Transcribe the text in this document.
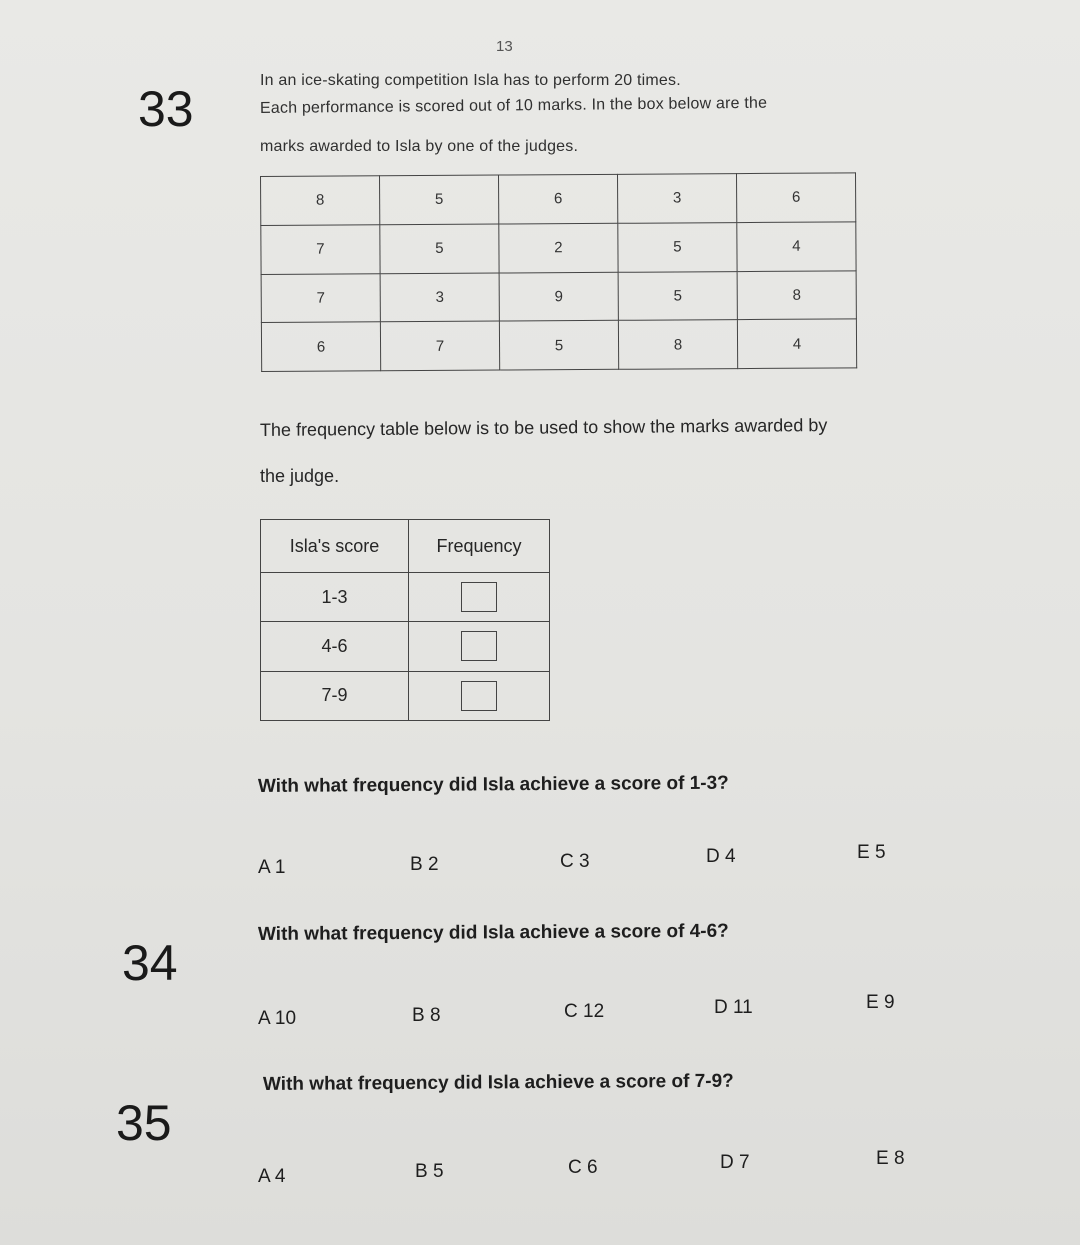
13
33
In an ice-skating competition Isla has to perform 20 times.
Each performance is scored out of 10 marks. In the box below are the
marks awarded to Isla by one of the judges.
8	5	6	3	6
7	5	2	5	4
7	3	9	5	8
6	7	5	8	4
The frequency table below is to be used to show the marks awarded by
the judge.
Isla's score	Frequency
1-3	
4-6	
7-9	
With what frequency did Isla achieve a score of 1-3?
A 1	B 2	C 3	D 4	E 5
34
With what frequency did Isla achieve a score of 4-6?
A 10	B 8	C 12	D 11	E 9
35
With what frequency did Isla achieve a score of 7-9?
A 4	B 5	C 6	D 7	E 8
